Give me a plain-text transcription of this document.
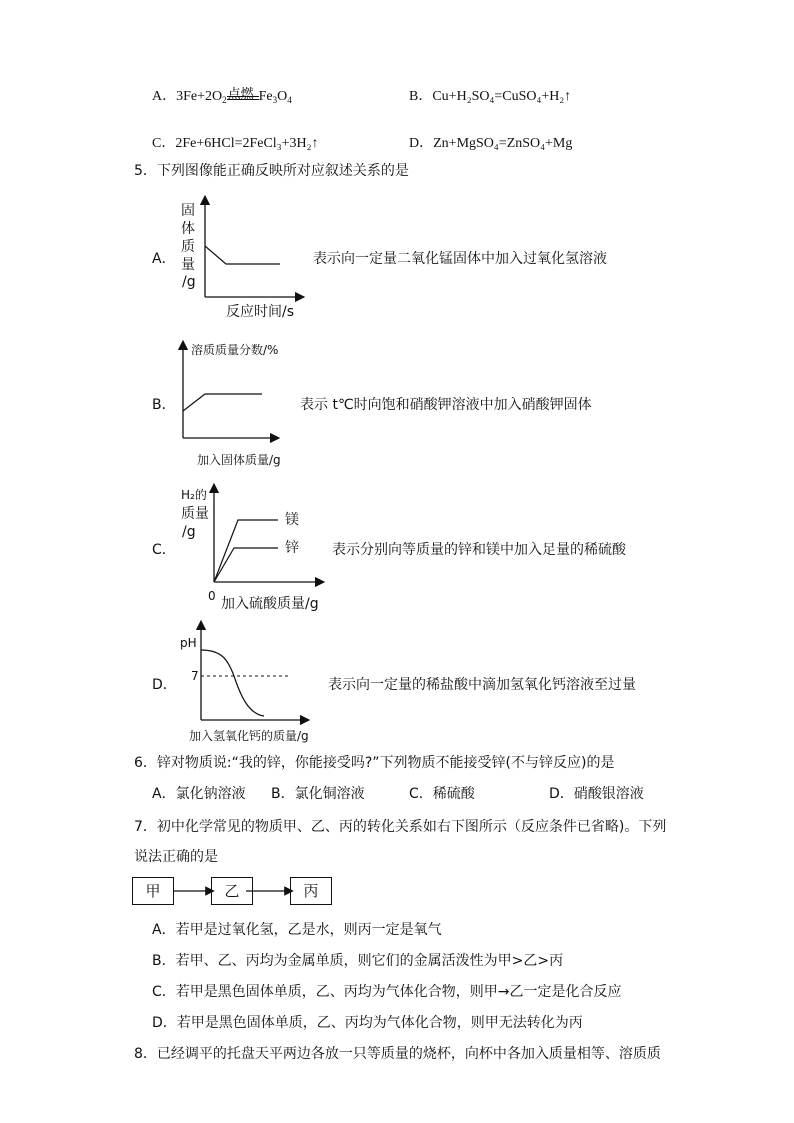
A．$3Fe+2O_2$ 点燃 $Fe_3O_4$	B．Cu+H₂SO₄=CuSO₄+H₂↑
C．2Fe+6HCl=2FeCl₃+3H₂↑	D．Zn+MgSO₄=ZnSO₄+Mg
5．下列图像能正确反映所对应叙述关系的是
A．
固
体
质
量
/g
反应时间/s
表示向一定量二氧化锰固体中加入过氧化氢溶液
B．
溶质质量分数/%
加入固体质量/g
表示 t℃时向饱和硝酸钾溶液中加入硝酸钾固体
C．
H₂的
质量
/g
镁
锌
0 加入硫酸质量/g
表示分别向等质量的锌和镁中加入足量的稀硫酸
D．
pH
7
加入氢氧化钙的质量/g
表示向一定量的稀盐酸中滴加氢氧化钙溶液至过量
6．锌对物质说:“我的锌，你能接受吗?”下列物质不能接受锌(不与锌反应)的是
A．氯化钠溶液 B．氯化铜溶液	C．稀硫酸	D．硝酸银溶液
7．初中化学常见的物质甲、乙、丙的转化关系如右下图所示（反应条件已省略)。下列
说法正确的是
甲	乙	丙
A．若甲是过氧化氢，乙是水，则丙一定是氧气
B．若甲、乙、丙均为金属单质，则它们的金属活泼性为甲>乙>丙
C．若甲是黑色固体单质，乙、丙均为气体化合物，则甲→乙一定是化合反应
D．若甲是黑色固体单质，乙、丙均为气体化合物，则甲无法转化为丙
8．已经调平的托盘天平两边各放一只等质量的烧杯，向杯中各加入质量相等、溶质质
